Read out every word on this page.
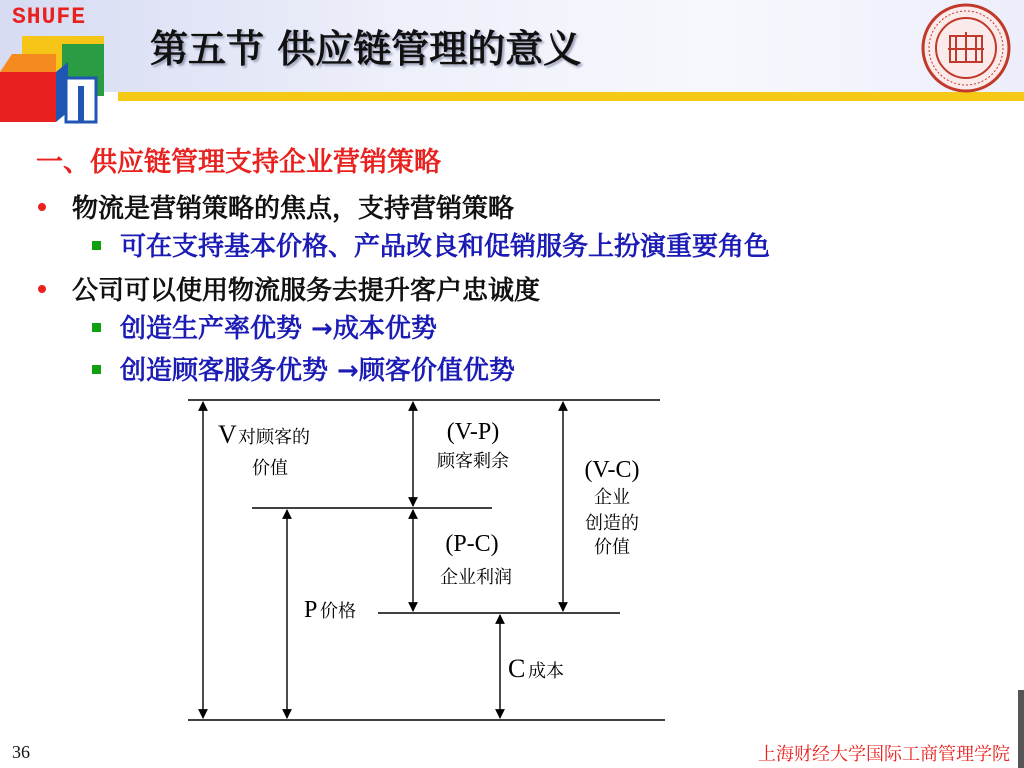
SHUFE
第五节 供应链管理的意义
一、供应链管理支持企业营销策略
物流是营销策略的焦点，支持营销策略
可在支持基本价格、产品改良和促销服务上扮演重要角色
公司可以使用物流服务去提升客户忠诚度
创造生产率优势 →成本优势
创造顾客服务优势 →顾客价值优势
V 对顾客的
价值
(V-P)
顾客剩余	(V-C)
企业
创造的
价值
(P-C)
企业利润
P 价格
C 成本
36	上海财经大学国际工商管理学院
